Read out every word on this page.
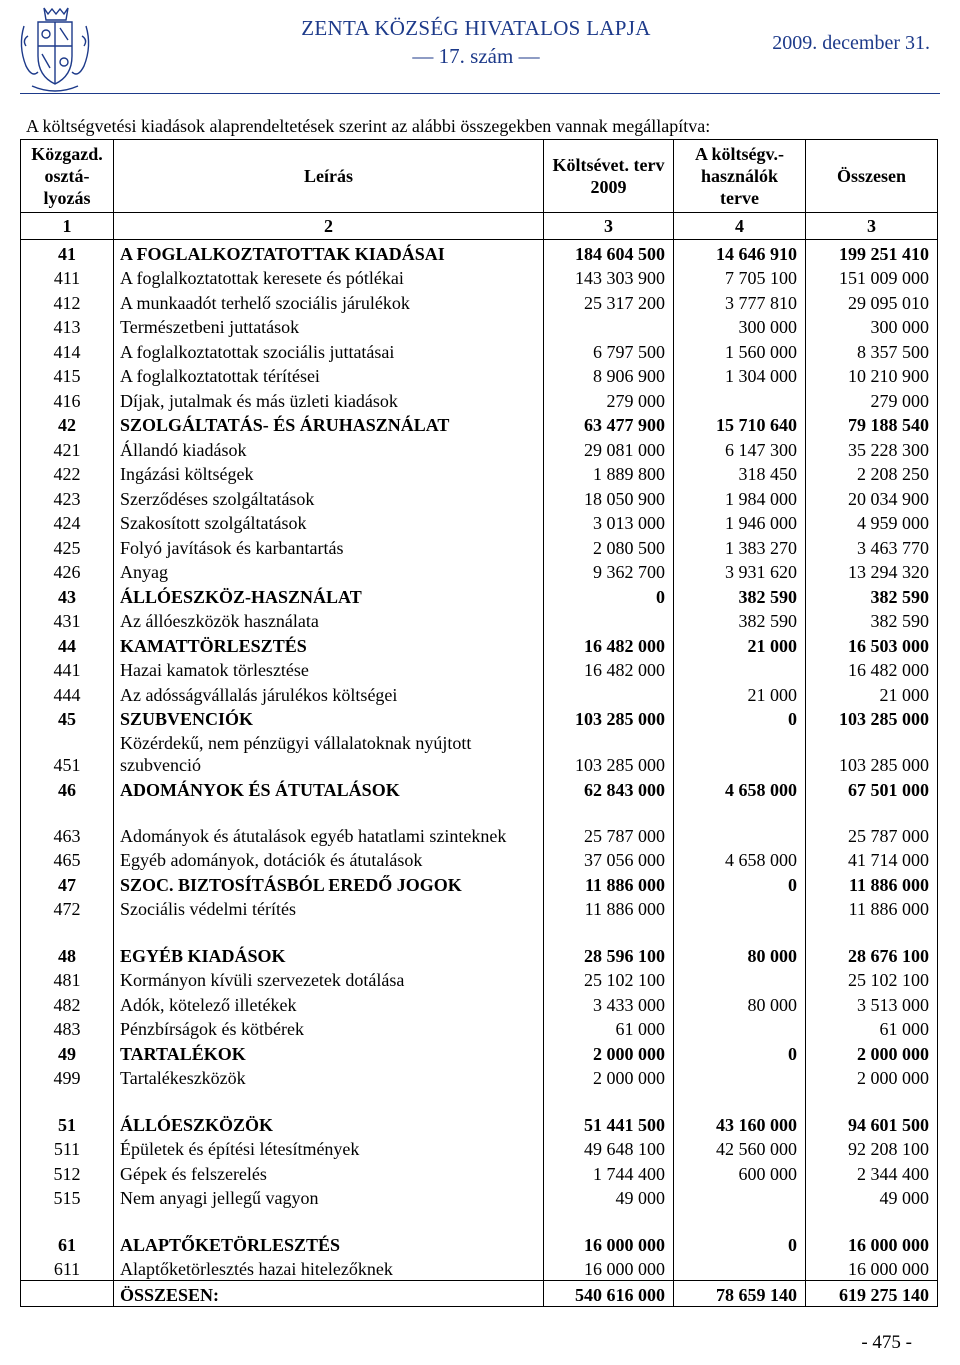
ZENTA KÖZSÉG HIVATALOS LAPJA
— 17. szám —
2009. december 31.
A költségvetési kiadások alaprendeltetések szerint az alábbi összegekben vannak megállapítva:
Közgazd. osztá-lyozás	Leírás	Költsévet. terv 2009	A költségv.- használók terve	Összesen
1	2	3	4	3
41	A FOGLALKOZTATOTTAK KIADÁSAI	184 604 500	14 646 910	199 251 410
411	A foglalkoztatottak keresete és pótlékai	143 303 900	7 705 100	151 009 000
412	A munkaadót terhelő szociális járulékok	25 317 200	3 777 810	29 095 010
413	Természetbeni juttatások		300 000	300 000
414	A foglalkoztatottak szociális juttatásai	6 797 500	1 560 000	8 357 500
415	A foglalkoztatottak térítései	8 906 900	1 304 000	10 210 900
416	Díjak, jutalmak és más üzleti kiadások	279 000		279 000
42	SZOLGÁLTATÁS- ÉS ÁRUHASZNÁLAT	63 477 900	15 710 640	79 188 540
421	Állandó kiadások	29 081 000	6 147 300	35 228 300
422	Ingázási költségek	1 889 800	318 450	2 208 250
423	Szerződéses szolgáltatások	18 050 900	1 984 000	20 034 900
424	Szakosított szolgáltatások	3 013 000	1 946 000	4 959 000
425	Folyó javítások és karbantartás	2 080 500	1 383 270	3 463 770
426	Anyag	9 362 700	3 931 620	13 294 320
43	ÁLLÓESZKÖZ-HASZNÁLAT	0	382 590	382 590
431	Az állóeszközök használata		382 590	382 590
44	KAMATTÖRLESZTÉS	16 482 000	21 000	16 503 000
441	Hazai kamatok törlesztése	16 482 000		16 482 000
444	Az adósságvállalás járulékos költségei		21 000	21 000
45	SZUBVENCIÓK	103 285 000	0	103 285 000
451	Közérdekű, nem pénzügyi vállalatoknak nyújtott szubvenció	103 285 000		103 285 000
46	ADOMÁNYOK ÉS ÁTUTALÁSOK	62 843 000	4 658 000	67 501 000
463	Adományok és átutalások egyéb hatatlami szinteknek	25 787 000		25 787 000
465	Egyéb adományok, dotációk és átutalások	37 056 000	4 658 000	41 714 000
47	SZOC. BIZTOSÍTÁSBÓL EREDŐ JOGOK	11 886 000	0	11 886 000
472	Szociális védelmi térítés	11 886 000		11 886 000

48	EGYÉB KIADÁSOK	28 596 100	80 000	28 676 100
481	Kormányon kívüli szervezetek dotálása	25 102 100		25 102 100
482	Adók, kötelező illetékek	3 433 000	80 000	3 513 000
483	Pénzbírságok és kötbérek	61 000		61 000
49	TARTALÉKOK	2 000 000	0	2 000 000
499	Tartalékeszközök	2 000 000		2 000 000

51	ÁLLÓESZKÖZÖK	51 441 500	43 160 000	94 601 500
511	Épületek és építési létesítmények	49 648 100	42 560 000	92 208 100
512	Gépek és felszerelés	1 744 400	600 000	2 344 400
515	Nem anyagi jellegű vagyon	49 000		49 000

61	ALAPTŐKETÖRLESZTÉS	16 000 000	0	16 000 000
611	Alaptőketörlesztés hazai hitelezőknek	16 000 000		16 000 000
	ÖSSZESEN:	540 616 000	78 659 140	619 275 140
- 475 -
